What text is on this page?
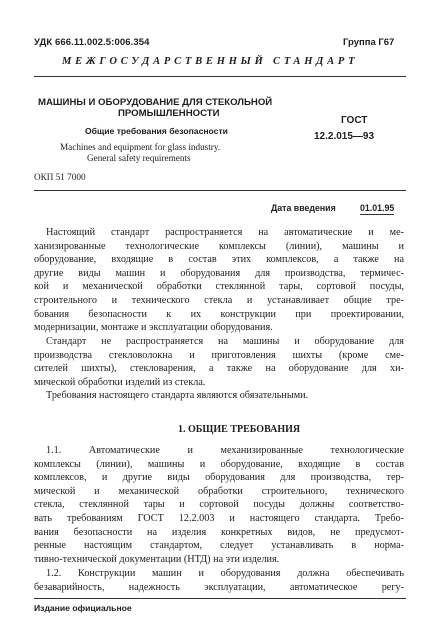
УДК 666.11.002.5:006.354	Группа Г67
МЕЖГОСУДАРСТВЕННЫЙ СТАНДАРТ
МАШИНЫ И ОБОРУДОВАНИЕ ДЛЯ СТЕКОЛЬНОЙ
ПРОМЫШЛЕННОСТИ
Общие требования безопасности
Machines and equipment for glass industry.
General safety requirements
ГОСТ
12.2.015—93
ОКП 51 7000
Дата введения	01.01.95
Настоящий стандарт распространяется на автоматические и ме-
ханизированные технологические комплексы (линии), машины и
оборудование, входящие в состав этих комплексов, а также на
другие виды машин и оборудования для производства, термичес-
кой и механической обработки стеклянной тары, сортовой посуды,
строительного и технического стекла и устанавливает общие тре-
бования безопасности к их конструкции при проектировании,
модернизации, монтаже и эксплуатации оборудования.
Стандарт не распространяется на машины и оборудование для
производства стекловолокна и приготовления шихты (кроме сме-
сителей шихты), стекловарения, а также на оборудование для хи-
мической обработки изделий из стекла.
Требования настоящего стандарта являются обязательными.
1. ОБЩИЕ ТРЕБОВАНИЯ
1.1. Автоматические и механизированные технологические
комплексы (линии), машины и оборудование, входящие в состав
комплексов, и другие виды оборудования для производства, тер-
мической и механической обработки строительного, технического
стекла, стеклянной тары и сортовой посуды должны соответство-
вать требованиям ГОСТ 12.2.003 и настоящего стандарта. Требо-
вания безопасности на изделия конкретных видов, не предусмот-
ренные настоящим стандартом, следует устанавливать в норма-
тивно-технической документации (НТД) на эти изделия.
1.2. Конструкции машин и оборудования должна обеспечивать
безаварийность, надежность эксплуатации, автоматическое регу-
Издание официальное
